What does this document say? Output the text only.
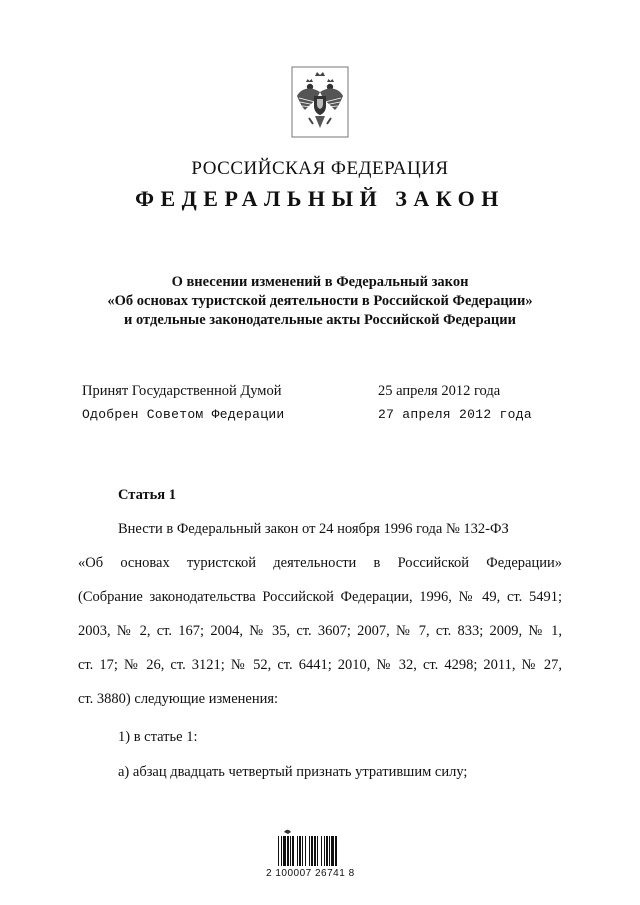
РОССИЙСКАЯ ФЕДЕРАЦИЯ
ФЕДЕРАЛЬНЫЙ ЗАКОН
О внесении изменений в Федеральный закон
«Об основах туристской деятельности в Российской Федерации»
и отдельные законодательные акты Российской Федерации
Принят Государственной Думой	25 апреля 2012 года
Одобрен Советом Федерации	27 апреля 2012 года
Статья 1
Внести в Федеральный закон от 24 ноября 1996 года № 132-ФЗ
«Об основах туристской деятельности в Российской Федерации»
(Собрание законодательства Российской Федерации, 1996, № 49, ст. 5491;
2003, № 2, ст. 167; 2004, № 35, ст. 3607; 2007, № 7, ст. 833; 2009, № 1,
ст. 17; № 26, ст. 3121; № 52, ст. 6441; 2010, № 32, ст. 4298; 2011, № 27,
ст. 3880) следующие изменения:
1) в статье 1:
а) абзац двадцать четвертый признать утратившим силу;
2 100007 26741 8
